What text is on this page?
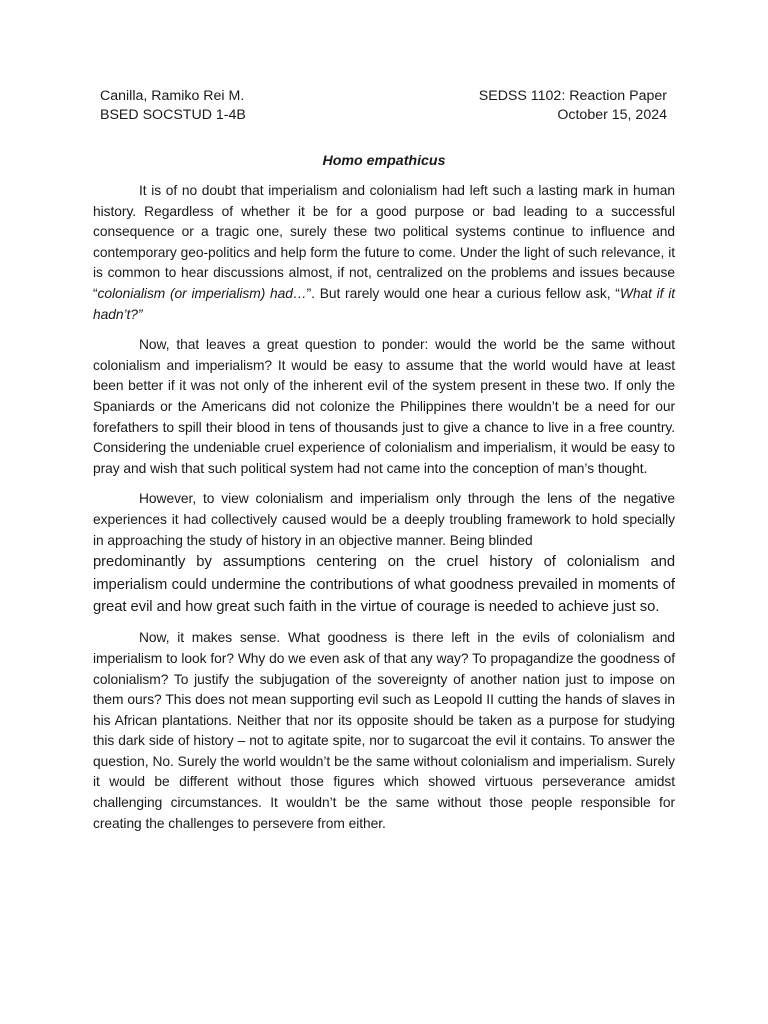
Canilla, Ramiko Rei M.
BSED SOCSTUD 1-4B
SEDSS 1102: Reaction Paper
October 15, 2024
Homo empathicus

It is of no doubt that imperialism and colonialism had left such a lasting mark in human history. Regardless of whether it be for a good purpose or bad leading to a successful consequence or a tragic one, surely these two political systems continue to influence and contemporary geo-politics and help form the future to come. Under the light of such relevance, it is common to hear discussions almost, if not, centralized on the problems and issues because “colonialism (or imperialism) had…”. But rarely would one hear a curious fellow ask, “What if it hadn’t?”

Now, that leaves a great question to ponder: would the world be the same without colonialism and imperialism? It would be easy to assume that the world would have at least been better if it was not only of the inherent evil of the system present in these two. If only the Spaniards or the Americans did not colonize the Philippines there wouldn’t be a need for our forefathers to spill their blood in tens of thousands just to give a chance to live in a free country. Considering the undeniable cruel experience of colonialism and imperialism, it would be easy to pray and wish that such political system had not came into the conception of man’s thought.

However, to view colonialism and imperialism only through the lens of the negative experiences it had collectively caused would be a deeply troubling framework to hold specially in approaching the study of history in an objective manner. Being blinded

predominantly by assumptions centering on the cruel history of colonialism and imperialism could undermine the contributions of what goodness prevailed in moments of great evil and how great such faith in the virtue of courage is needed to achieve just so.

Now, it makes sense. What goodness is there left in the evils of colonialism and imperialism to look for? Why do we even ask of that any way? To propagandize the goodness of colonialism? To justify the subjugation of the sovereignty of another nation just to impose on them ours? This does not mean supporting evil such as Leopold II cutting the hands of slaves in his African plantations. Neither that nor its opposite should be taken as a purpose for studying this dark side of history – not to agitate spite, nor to sugarcoat the evil it contains. To answer the question, No. Surely the world wouldn’t be the same without colonialism and imperialism. Surely it would be different without those figures which showed virtuous perseverance amidst challenging circumstances. It wouldn’t be the same without those people responsible for creating the challenges to persevere from either.
